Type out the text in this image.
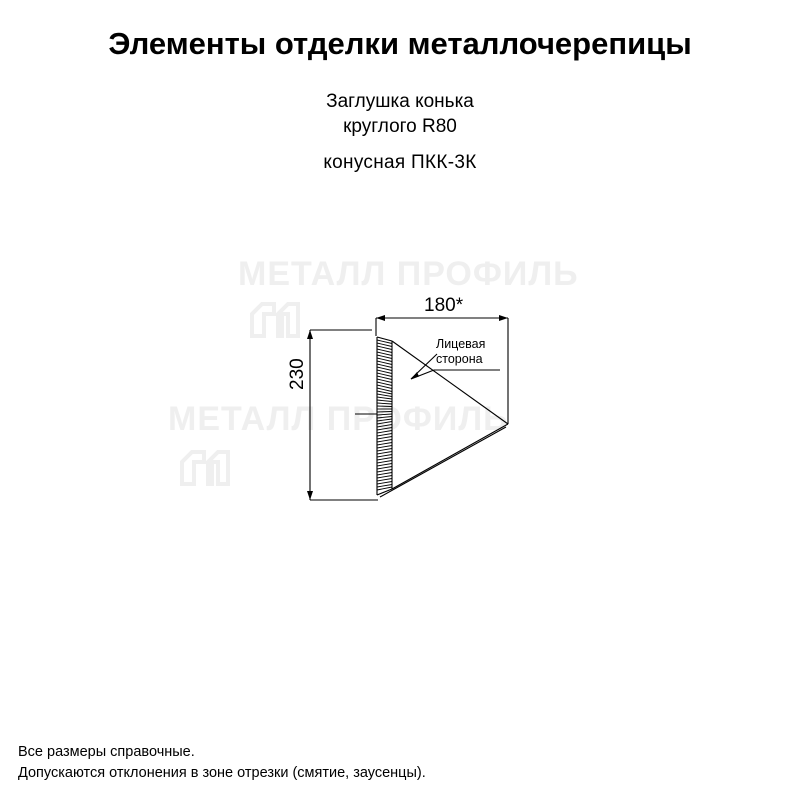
Элементы отделки металлочерепицы
Заглушка конька
круглого R80
конусная ПКК-3К
МЕТАЛЛ ПРОФИЛЬ
МЕТАЛЛ ПРОФИЛЬ
180*
230
Лицевая
сторона
Все размеры справочные.
Допускаются отклонения в зоне отрезки (смятие, заусенцы).
